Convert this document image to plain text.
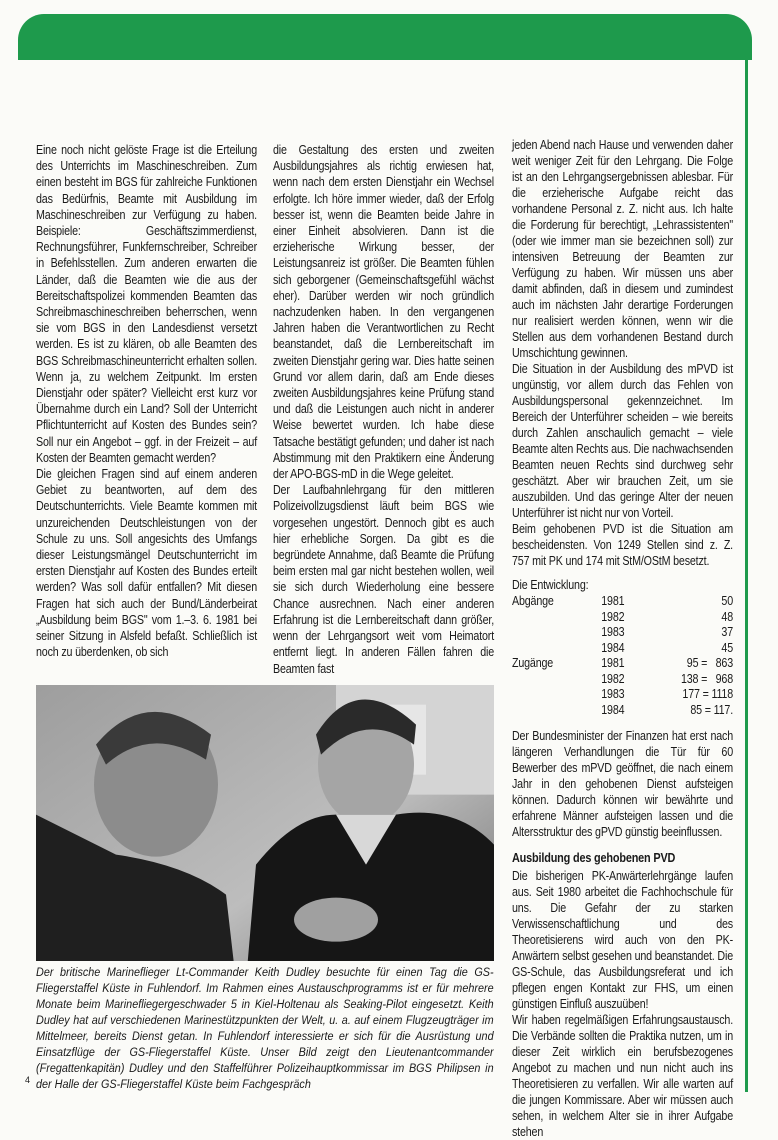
Eine noch nicht gelöste Frage ist die Erteilung des Unterrichts im Maschineschreiben. Zum einen besteht im BGS für zahlreiche Funktionen das Bedürfnis, Beamte mit Ausbildung im Maschineschreiben zur Verfügung zu haben. Beispiele: Geschäftszimmerdienst, Rechnungsführer, Funkfernschreiber, Schreiber in Befehlsstellen. Zum anderen erwarten die Länder, daß die Beamten wie die aus der Bereitschaftspolizei kommenden Beamten das Schreibmaschineschreiben beherrschen, wenn sie vom BGS in den Landesdienst versetzt werden. Es ist zu klären, ob alle Beamten des BGS Schreibmaschineunterricht erhalten sollen. Wenn ja, zu welchem Zeitpunkt. Im ersten Dienstjahr oder später? Vielleicht erst kurz vor Übernahme durch ein Land? Soll der Unterricht Pflichtunterricht auf Kosten des Bundes sein? Soll nur ein Angebot – ggf. in der Freizeit – auf Kosten der Beamten gemacht werden?

Die gleichen Fragen sind auf einem anderen Gebiet zu beantworten, auf dem des Deutschunterrichts. Viele Beamte kommen mit unzureichenden Deutschleistungen von der Schule zu uns. Soll angesichts des Umfangs dieser Leistungsmängel Deutschunterricht im ersten Dienstjahr auf Kosten des Bundes erteilt werden? Was soll dafür entfallen? Mit diesen Fragen hat sich auch der Bund/Länderbeirat „Ausbildung beim BGS" vom 1.–3. 6. 1981 bei seiner Sitzung in Alsfeld befaßt. Schließlich ist noch zu überdenken, ob sich

die Gestaltung des ersten und zweiten Ausbildungsjahres als richtig erwiesen hat, wenn nach dem ersten Dienstjahr ein Wechsel erfolgte. Ich höre immer wieder, daß der Erfolg besser ist, wenn die Beamten beide Jahre in einer Einheit absolvieren. Dann ist die erzieherische Wirkung besser, der Leistungsanreiz ist größer. Die Beamten fühlen sich geborgener (Gemeinschaftsgefühl wächst eher). Darüber werden wir noch gründlich nachzudenken haben. In den vergangenen Jahren haben die Verantwortlichen zu Recht beanstandet, daß die Lernbereitschaft im zweiten Dienstjahr gering war. Dies hatte seinen Grund vor allem darin, daß am Ende dieses zweiten Ausbildungsjahres keine Prüfung stand und daß die Leistungen auch nicht in anderer Weise bewertet wurden. Ich habe diese Tatsache bestätigt gefunden; und daher ist nach Abstimmung mit den Praktikern eine Änderung der APO-BGS-mD in die Wege geleitet.

Der Laufbahnlehrgang für den mittleren Polizeivollzugsdienst läuft beim BGS wie vorgesehen ungestört. Dennoch gibt es auch hier erhebliche Sorgen. Da gibt es die begründete Annahme, daß Beamte die Prüfung beim ersten mal gar nicht bestehen wollen, weil sie sich durch Wiederholung eine bessere Chance ausrechnen. Nach einer anderen Erfahrung ist die Lernbereitschaft dann größer, wenn der Lehrgangsort weit vom Heimatort entfernt liegt. In anderen Fällen fahren die Beamten fast

Der britische Marineflieger Lt-Commander Keith Dudley besuchte für einen Tag die GS-Fliegerstaffel Küste in Fuhlendorf. Im Rahmen eines Austauschprogramms ist er für mehrere Monate beim Marinefliegergeschwader 5 in Kiel-Holtenau als Seaking-Pilot eingesetzt. Keith Dudley hat auf verschiedenen Marinestützpunkten der Welt, u. a. auf einem Flugzeugträger im Mittelmeer, bereits Dienst getan. In Fuhlendorf interessierte er sich für die Ausrüstung und Einsatzflüge der GS-Fliegerstaffel Küste. Unser Bild zeigt den Lieutenantcommander (Fregattenkapitän) Dudley und den Staffelführer Polizeihauptkommissar im BGS Philipsen in der Halle der GS-Fliegerstaffel Küste beim Fachgespräch

jeden Abend nach Hause und verwenden daher weit weniger Zeit für den Lehrgang. Die Folge ist an den Lehrgangsergebnissen ablesbar. Für die erzieherische Aufgabe reicht das vorhandene Personal z. Z. nicht aus. Ich halte die Forderung für berechtigt, „Lehrassistenten" (oder wie immer man sie bezeichnen soll) zur intensiven Betreuung der Beamten zur Verfügung zu haben. Wir müssen uns aber damit abfinden, daß in diesem und zumindest auch im nächsten Jahr derartige Forderungen nur realisiert werden können, wenn wir die Stellen aus dem vorhandenen Bestand durch Umschichtung gewinnen.

Die Situation in der Ausbildung des mPVD ist ungünstig, vor allem durch das Fehlen von Ausbildungspersonal gekennzeichnet. Im Bereich der Unterführer scheiden – wie bereits durch Zahlen anschaulich gemacht – viele Beamte alten Rechts aus. Die nachwachsenden Beamten neuen Rechts sind durchweg sehr geschätzt. Aber wir brauchen Zeit, um sie auszubilden. Und das geringe Alter der neuen Unterführer ist nicht nur von Vorteil.

Beim gehobenen PVD ist die Situation am bescheidensten. Von 1249 Stellen sind z. Z. 757 mit PK und 174 mit StM/OStM besetzt.

Die Entwicklung:

Abgänge	1981	50
	1982	48
	1983	37
	1984	45
Zugänge	1981	95 =   863
	1982	138 =   968
	1983	177 = 1118
	1984	85 = 117.

Der Bundesminister der Finanzen hat erst nach längeren Verhandlungen die Tür für 60 Bewerber des mPVD geöffnet, die nach einem Jahr in den gehobenen Dienst aufsteigen können. Dadurch können wir bewährte und erfahrene Männer aufsteigen lassen und die Altersstruktur des gPVD günstig beeinflussen.

Ausbildung des gehobenen PVD

Die bisherigen PK-Anwärterlehrgänge laufen aus. Seit 1980 arbeitet die Fachhochschule für uns. Die Gefahr der zu starken Verwissenschaftlichung und des Theoretisierens wird auch von den PK-Anwärtern selbst gesehen und beanstandet. Die GS-Schule, das Ausbildungsreferat und ich pflegen engen Kontakt zur FHS, um einen günstigen Einfluß auszuüben!

Wir haben regelmäßigen Erfahrungsaustausch. Die Verbände sollten die Praktika nutzen, um in dieser Zeit wirklich ein berufsbezogenes Angebot zu machen und nun nicht auch ins Theoretisieren zu verfallen. Wir alle warten auf die jungen Kommissare. Aber wir müssen auch sehen, in welchem Alter sie in ihrer Aufgabe stehen

4
